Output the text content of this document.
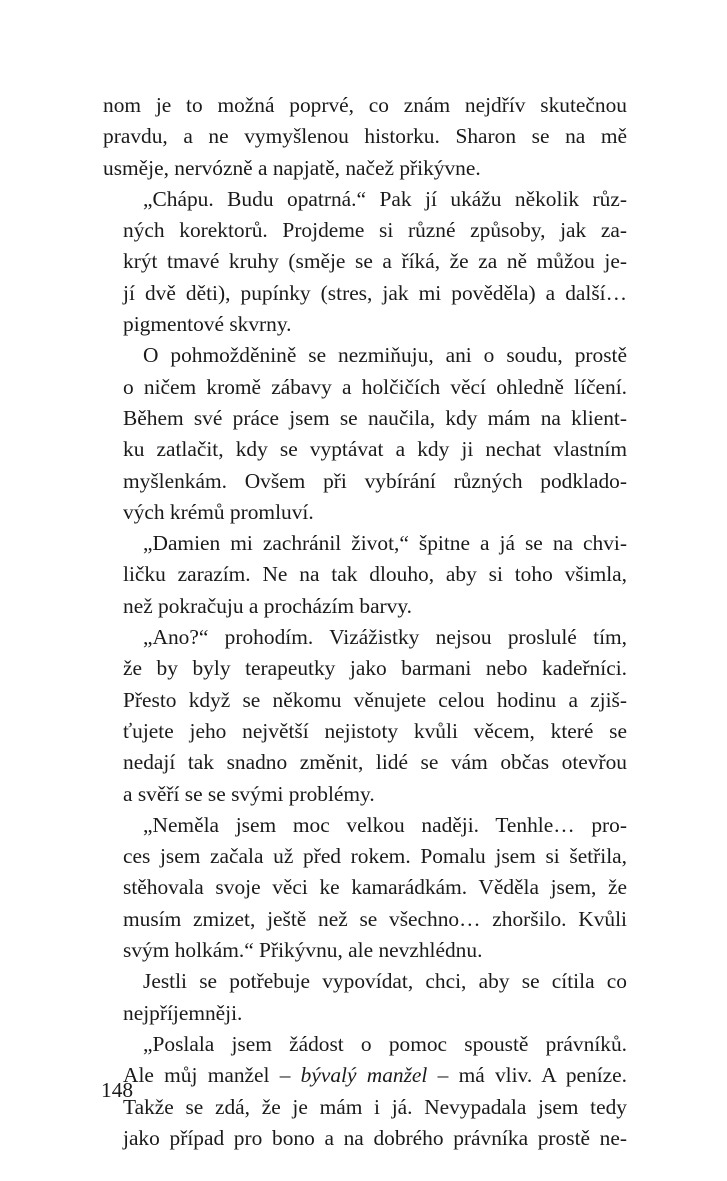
nom je to možná poprvé, co znám nejdřív skutečnou
pravdu, a ne vymyšlenou historku. Sharon se na mě
usměje, nervózně a napjatě, načež přikývne.

„Chápu. Budu opatrná.“ Pak jí ukážu několik růz-
ných korektorů. Projdeme si různé způsoby, jak za-
krýt tmavé kruhy (směje se a říká, že za ně můžou je-
jí dvě děti), pupínky (stres, jak mi pověděla) a další…
pigmentové skvrny.

O pohmožděnině se nezmiňuju, ani o soudu, prostě
o ničem kromě zábavy a holčičích věcí ohledně líčení.
Během své práce jsem se naučila, kdy mám na klient-
ku zatlačit, kdy se vyptávat a kdy ji nechat vlastním
myšlenkám. Ovšem při vybírání různých podklado-
vých krémů promluví.

„Damien mi zachránil život,“ špitne a já se na chvi-
ličku zarazím. Ne na tak dlouho, aby si toho všimla,
než pokračuju a procházím barvy.

„Ano?“ prohodím. Vizážistky nejsou proslulé tím,
že by byly terapeutky jako barmani nebo kadeřníci.
Přesto když se někomu věnujete celou hodinu a zjiš-
ťujete jeho největší nejistoty kvůli věcem, které se
nedají tak snadno změnit, lidé se vám občas otevřou
a svěří se se svými problémy.

„Neměla jsem moc velkou naději. Tenhle… pro-
ces jsem začala už před rokem. Pomalu jsem si šetřila,
stěhovala svoje věci ke kamarádkám. Věděla jsem, že
musím zmizet, ještě než se všechno… zhoršilo. Kvůli
svým holkám.“ Přikývnu, ale nevzhlédnu.

Jestli se potřebuje vypovídat, chci, aby se cítila co
nejpříjemněji.

„Poslala jsem žádost o pomoc spoustě právníků.
Ale můj manžel – bývalý manžel – má vliv. A peníze.
Takže se zdá, že je mám i já. Nevypadala jsem tedy
jako případ pro bono a na dobrého právníka prostě ne-

148
